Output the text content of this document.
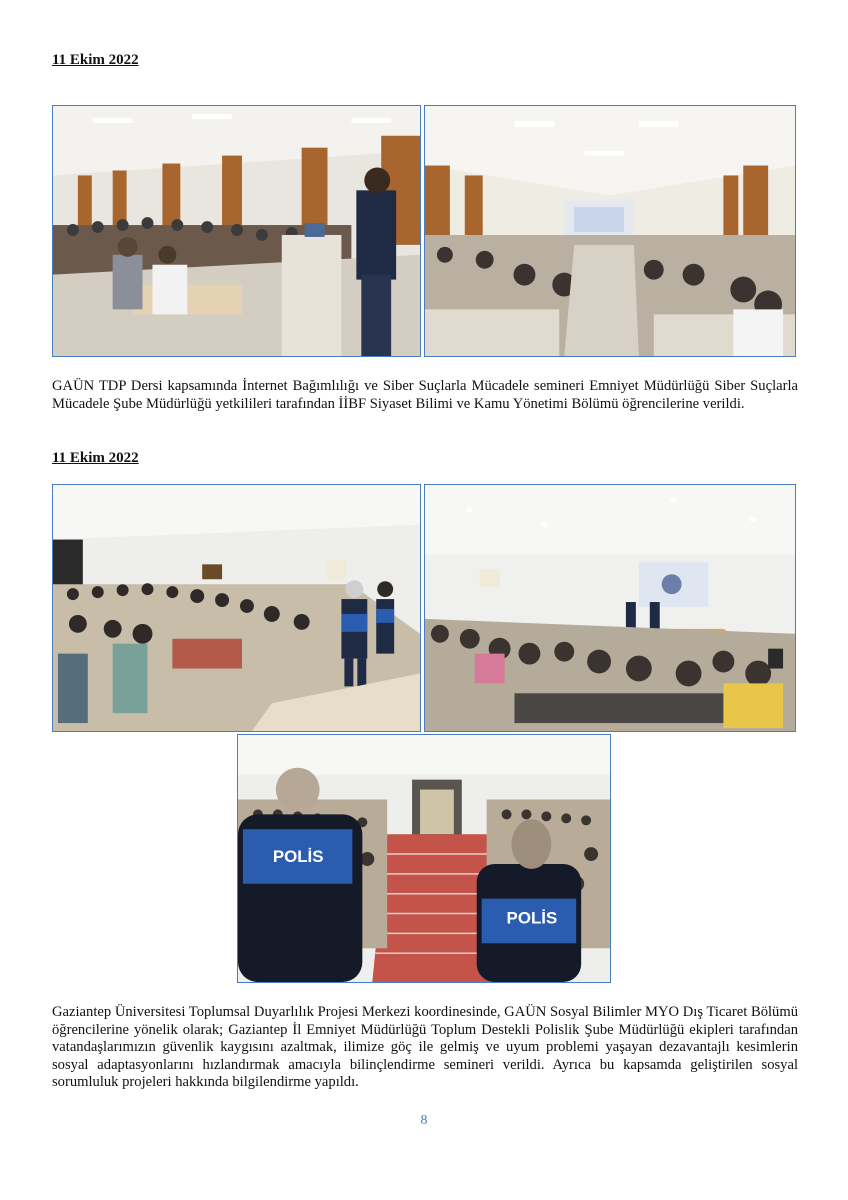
11 Ekim 2022

GAÜN TDP Dersi kapsamında İnternet Bağımlılığı ve Siber Suçlarla Mücadele semineri Emniyet Müdürlüğü Siber Suçlarla Mücadele Şube Müdürlüğü yetkilileri tarafından İİBF Siyaset Bilimi ve Kamu Yönetimi Bölümü öğrencilerine verildi.

11 Ekim 2022

POLİS
POLİS

Gaziantep Üniversitesi Toplumsal Duyarlılık Projesi Merkezi koordinesinde, GAÜN Sosyal Bilimler MYO Dış Ticaret Bölümü öğrencilerine yönelik olarak; Gaziantep İl Emniyet Müdürlüğü Toplum Destekli Polislik Şube Müdürlüğü ekipleri tarafından vatandaşlarımızın güvenlik kaygısını azaltmak, ilimize göç ile gelmiş ve uyum problemi yaşayan dezavantajlı kesimlerin sosyal adaptasyonlarını hızlandırmak amacıyla bilinçlendirme semineri verildi. Ayrıca bu kapsamda geliştirilen sosyal sorumluluk projeleri hakkında bilgilendirme yapıldı.

8
